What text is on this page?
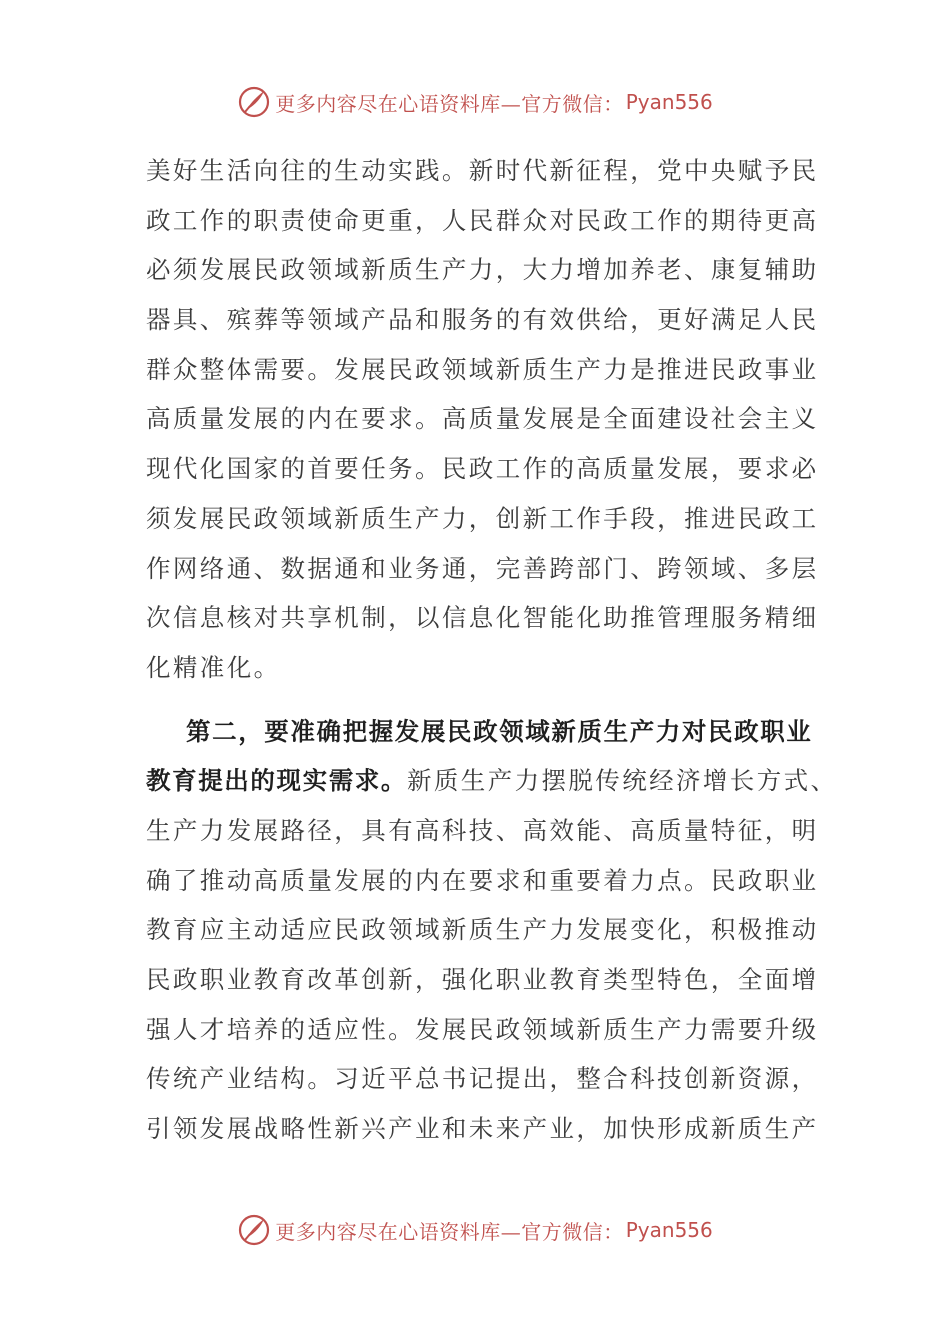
更多内容尽在心语资料库—官方微信： Pyan556
美好生活向往的生动实践。新时代新征程，党中央赋予民
政工作的职责使命更重，人民群众对民政工作的期待更高
必须发展民政领域新质生产力，大力增加养老、康复辅助
器具、殡葬等领域产品和服务的有效供给，更好满足人民
群众整体需要。发展民政领域新质生产力是推进民政事业
高质量发展的内在要求。高质量发展是全面建设社会主义
现代化国家的首要任务。民政工作的高质量发展，要求必
须发展民政领域新质生产力，创新工作手段，推进民政工
作网络通、数据通和业务通，完善跨部门、跨领域、多层
次信息核对共享机制，以信息化智能化助推管理服务精细
化精准化。
第二，要准确把握发展民政领域新质生产力对民政职业
教育提出的现实需求。新质生产力摆脱传统经济增长方式、
生产力发展路径，具有高科技、高效能、高质量特征，明
确了推动高质量发展的内在要求和重要着力点。民政职业
教育应主动适应民政领域新质生产力发展变化，积极推动
民政职业教育改革创新，强化职业教育类型特色，全面增
强人才培养的适应性。发展民政领域新质生产力需要升级
传统产业结构。习近平总书记提出，整合科技创新资源，
引领发展战略性新兴产业和未来产业，加快形成新质生产
更多内容尽在心语资料库—官方微信： Pyan556
